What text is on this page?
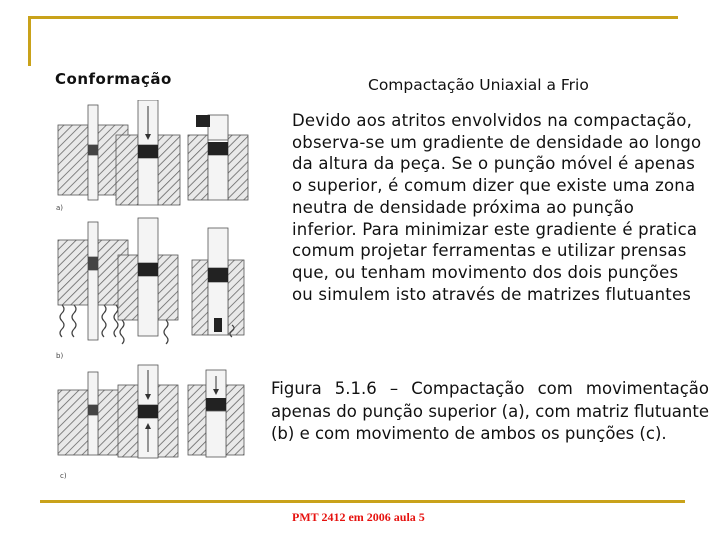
Conformação	Compactação Uniaxial a Frio
a)
b)
c)
Devido aos atritos envolvidos na compactação, observa-se um gradiente de densidade ao longo da altura da peça. Se o punção móvel é apenas o superior, é comum dizer que existe uma zona neutra de densidade próxima ao punção inferior. Para minimizar este gradiente é pratica comum projetar ferramentas e utilizar prensas que, ou tenham movimento dos dois punções ou simulem isto através de matrizes flutuantes
Figura 5.1.6 – Compactação com movimentação apenas do punção superior (a), com matriz flutuante (b) e com movimento de ambos os punções (c).
PMT 2412 em 2006 aula 5
